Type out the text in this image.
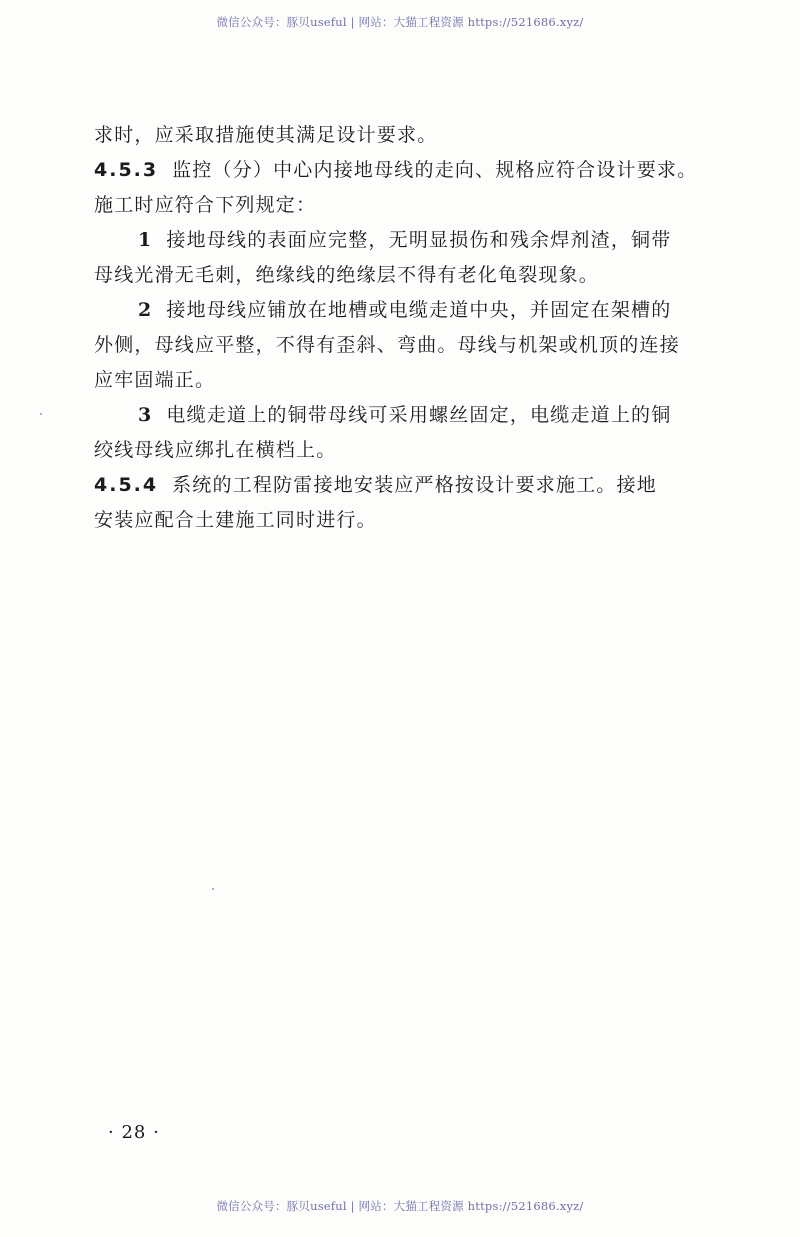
微信公众号：豚贝useful | 网站：大猫工程资源 https://521686.xyz/
求时，应采取措施使其满足设计要求。
4.5.3 监控（分）中心内接地母线的走向、规格应符合设计要求。
施工时应符合下列规定：
1 接地母线的表面应完整，无明显损伤和残余焊剂渣，铜带
母线光滑无毛刺，绝缘线的绝缘层不得有老化龟裂现象。
2 接地母线应铺放在地槽或电缆走道中央，并固定在架槽的
外侧，母线应平整，不得有歪斜、弯曲。母线与机架或机顶的连接
应牢固端正。
3 电缆走道上的铜带母线可采用螺丝固定，电缆走道上的铜
绞线母线应绑扎在横档上。
4.5.4 系统的工程防雷接地安装应严格按设计要求施工。接地
安装应配合土建施工同时进行。
· 28 ·
微信公众号：豚贝useful | 网站：大猫工程资源 https://521686.xyz/
